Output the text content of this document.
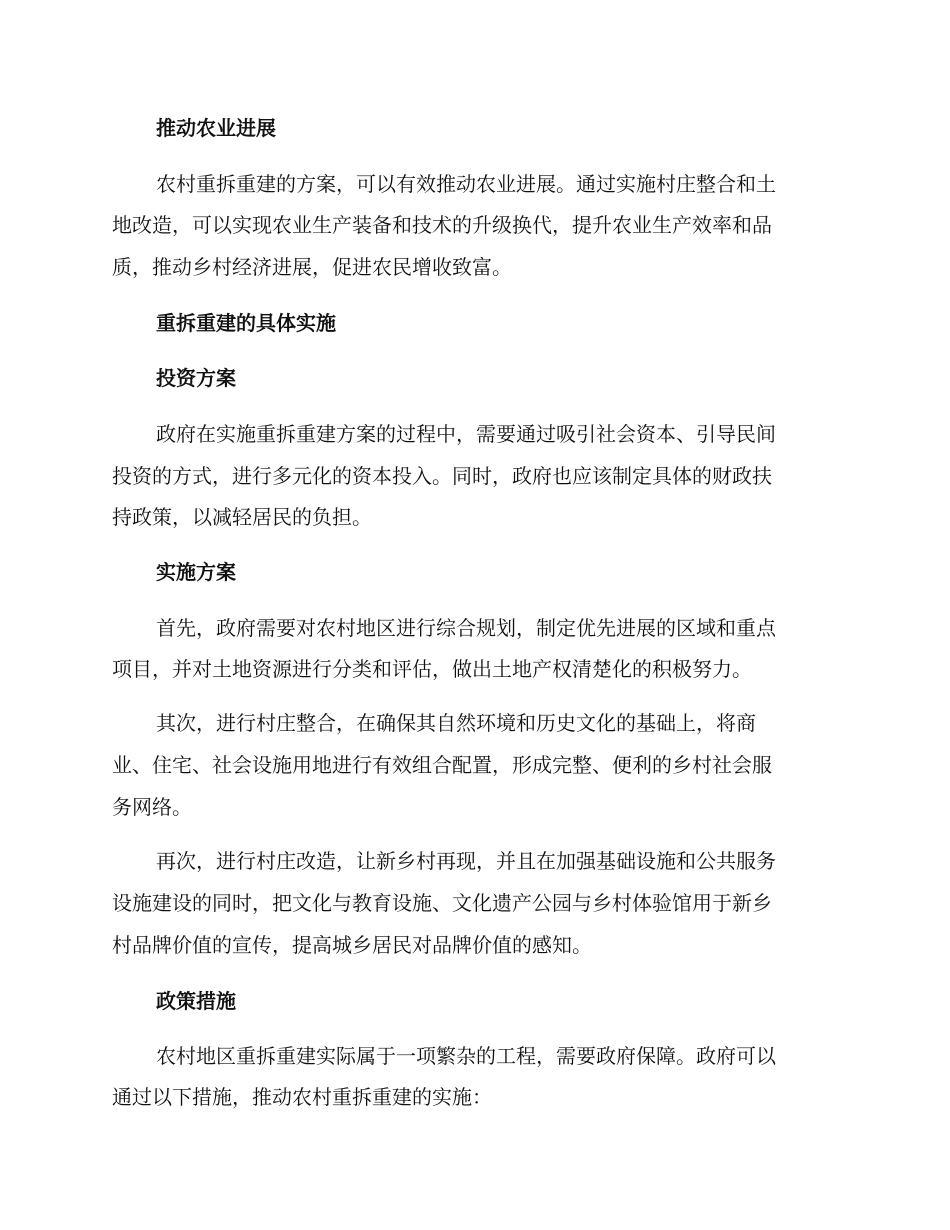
推动农业进展
农村重拆重建的方案，可以有效推动农业进展。通过实施村庄整合和土
地改造，可以实现农业生产装备和技术的升级换代，提升农业生产效率和品
质，推动乡村经济进展，促进农民增收致富。
重拆重建的具体实施
投资方案
政府在实施重拆重建方案的过程中，需要通过吸引社会资本、引导民间
投资的方式，进行多元化的资本投入。同时，政府也应该制定具体的财政扶
持政策，以减轻居民的负担。
实施方案
首先，政府需要对农村地区进行综合规划，制定优先进展的区域和重点
项目，并对土地资源进行分类和评估，做出土地产权清楚化的积极努力。
其次，进行村庄整合，在确保其自然环境和历史文化的基础上，将商
业、住宅、社会设施用地进行有效组合配置，形成完整、便利的乡村社会服
务网络。
再次，进行村庄改造，让新乡村再现，并且在加强基础设施和公共服务
设施建设的同时，把文化与教育设施、文化遗产公园与乡村体验馆用于新乡
村品牌价值的宣传，提高城乡居民对品牌价值的感知。
政策措施
农村地区重拆重建实际属于一项繁杂的工程，需要政府保障。政府可以
通过以下措施，推动农村重拆重建的实施：
